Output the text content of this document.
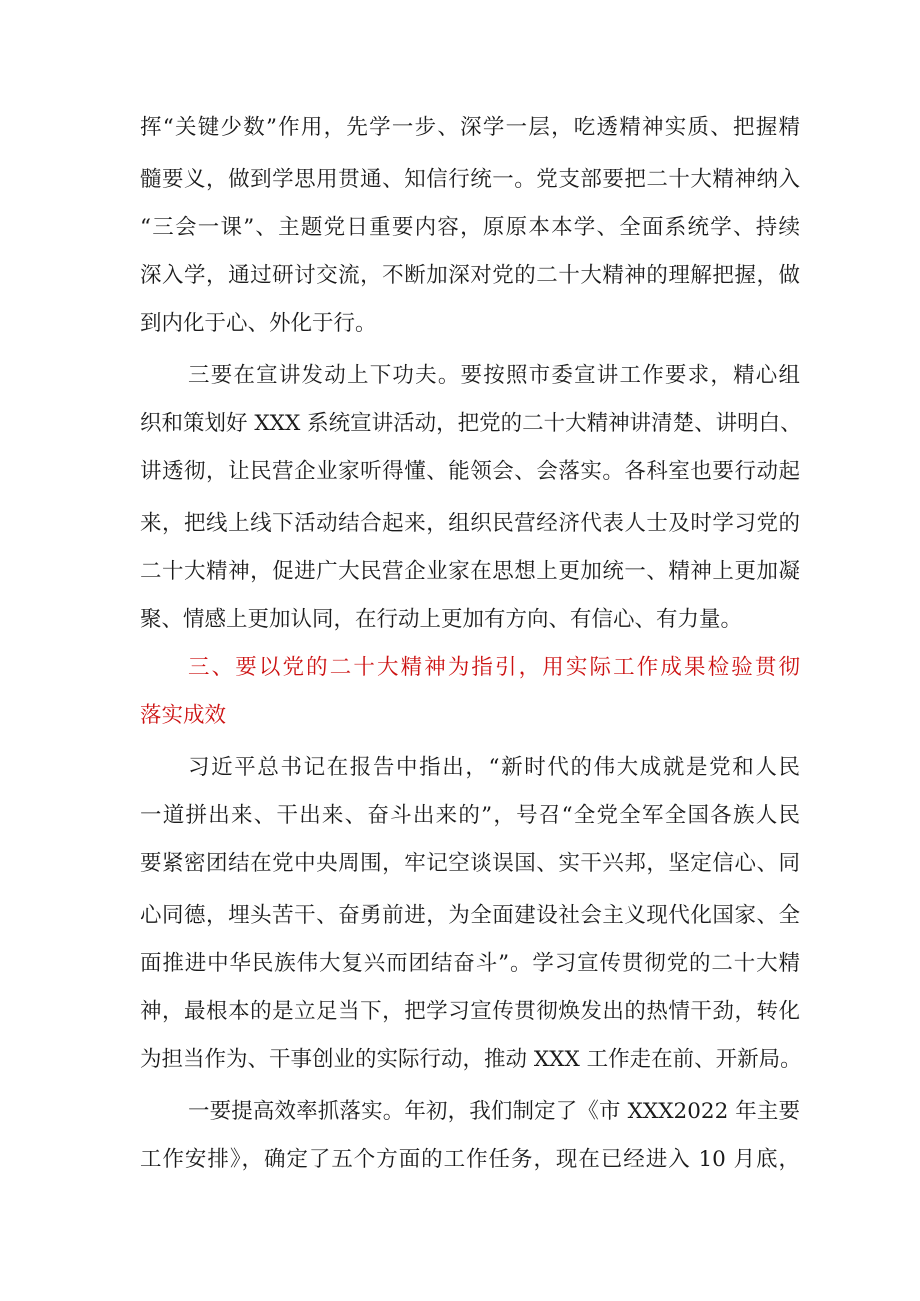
挥“关键少数”作用，先学一步、深学一层，吃透精神实质、把握精
髓要义，做到学思用贯通、知信行统一。党支部要把二十大精神纳入
“三会一课”、主题党日重要内容，原原本本学、全面系统学、持续
深入学，通过研讨交流，不断加深对党的二十大精神的理解把握，做
到内化于心、外化于行。
三要在宣讲发动上下功夫。要按照市委宣讲工作要求，精心组
织和策划好 XXX 系统宣讲活动，把党的二十大精神讲清楚、讲明白、
讲透彻，让民营企业家听得懂、能领会、会落实。各科室也要行动起
来，把线上线下活动结合起来，组织民营经济代表人士及时学习党的
二十大精神，促进广大民营企业家在思想上更加统一、精神上更加凝
聚、情感上更加认同，在行动上更加有方向、有信心、有力量。
三、要以党的二十大精神为指引，用实际工作成果检验贯彻
落实成效
习近平总书记在报告中指出，“新时代的伟大成就是党和人民
一道拼出来、干出来、奋斗出来的”，号召“全党全军全国各族人民
要紧密团结在党中央周围，牢记空谈误国、实干兴邦，坚定信心、同
心同德，埋头苦干、奋勇前进，为全面建设社会主义现代化国家、全
面推进中华民族伟大复兴而团结奋斗”。学习宣传贯彻党的二十大精
神，最根本的是立足当下，把学习宣传贯彻焕发出的热情干劲，转化
为担当作为、干事创业的实际行动，推动 XXX 工作走在前、开新局。
一要提高效率抓落实。年初，我们制定了《市 XXX2022 年主要
工作安排》，确定了五个方面的工作任务，现在已经进入 10 月底，
